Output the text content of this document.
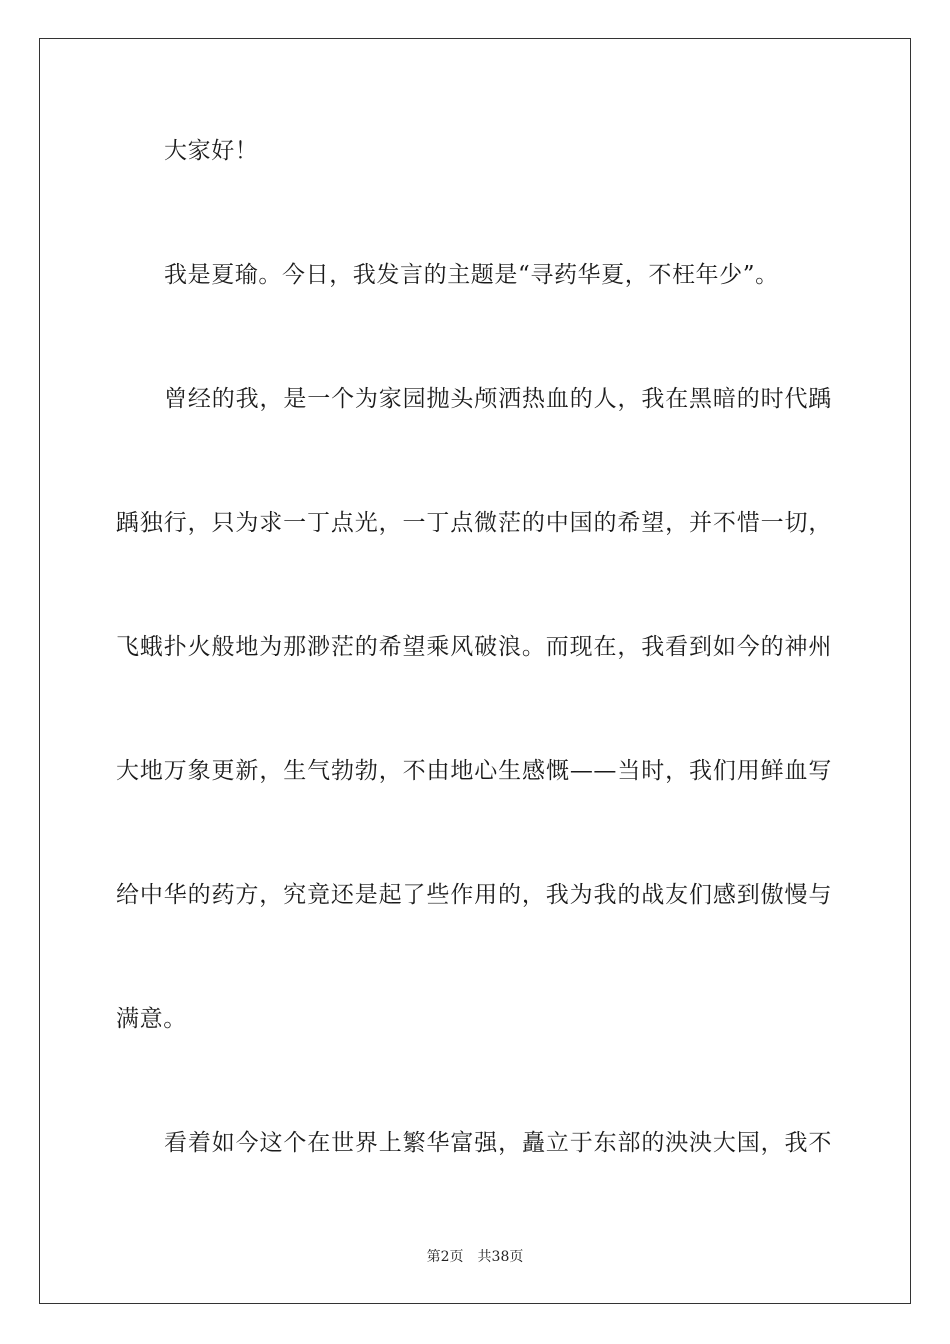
大家好！
我是夏瑜。今日，我发言的主题是“寻药华夏，不枉年少”。
曾经的我，是一个为家园抛头颅洒热血的人，我在黑暗的时代踽
踽独行，只为求一丁点光，一丁点微茫的中国的希望，并不惜一切，
飞蛾扑火般地为那渺茫的希望乘风破浪。而现在，我看到如今的神州
大地万象更新，生气勃勃，不由地心生感慨——当时，我们用鲜血写
给中华的药方，究竟还是起了些作用的，我为我的战友们感到傲慢与
满意。
看着如今这个在世界上繁华富强，矗立于东部的泱泱大国，我不
第2页 共38页
